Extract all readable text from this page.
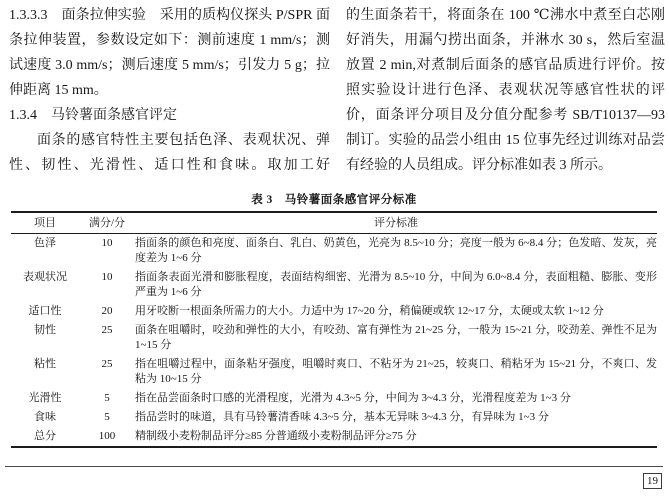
1.3.3.3　面条拉伸实验　采用的质构仪探头 P/SPR 面条拉伸装置，参数设定如下：测前速度 1 mm/s；测试速度 3.0 mm/s；测后速度 5 mm/s；引发力 5 g；拉伸距离 15 mm。

1.3.4　马铃薯面条感官评定

面条的感官特性主要包括色泽、表观状况、弹性、韧性、光滑性、适口性和食味。取加工好

的生面条若干，将面条在 100 ℃沸水中煮至白芯刚好消失，用漏勺捞出面条，并淋水 30 s，然后室温放置 2 min,对煮制后面条的感官品质进行评价。按照实验设计进行色泽、表观状况等感官性状的评价，面条评分项目及分值分配参考 SB/T10137—93 制订。实验的品尝小组由 15 位事先经过训练对品尝有经验的人员组成。评分标准如表 3 所示。

表 3　马铃薯面条感官评分标准
项目	满分/分	评分标准
色泽	10	指面条的颜色和亮度、面条白、乳白、奶黄色，光亮为 8.5~10 分；亮度一般为 6~8.4 分；色发暗、发灰，亮度差为 1~6 分
表观状况	10	指面条表面光滑和膨胀程度，表面结构细密、光滑为 8.5~10 分，中间为 6.0~8.4 分，表面粗糙、膨胀、变形严重为 1~6 分
适口性	20	用牙咬断一根面条所需力的大小。力适中为 17~20 分，稍偏硬或软 12~17 分，太硬或太软 1~12 分
韧性	25	面条在咀嚼时，咬劲和弹性的大小，有咬劲、富有弹性为 21~25 分，一般为 15~21 分，咬劲差、弹性不足为 1~15 分
粘性	25	指在咀嚼过程中，面条粘牙强度，咀嚼时爽口、不粘牙为 21~25，较爽口、稍粘牙为 15~21 分，不爽口、发粘为 10~15 分
光滑性	5	指在品尝面条时口感的光滑程度，光滑为 4.3~5 分，中间为 3~4.3 分，光滑程度差为 1~3 分
食味	5	指品尝时的味道，具有马铃薯清香味 4.3~5 分，基本无异味 3~4.3 分，有异味为 1~3 分
总分	100	精制级小麦粉制品评分≥85 分普通级小麦粉制品评分≥75 分
19
